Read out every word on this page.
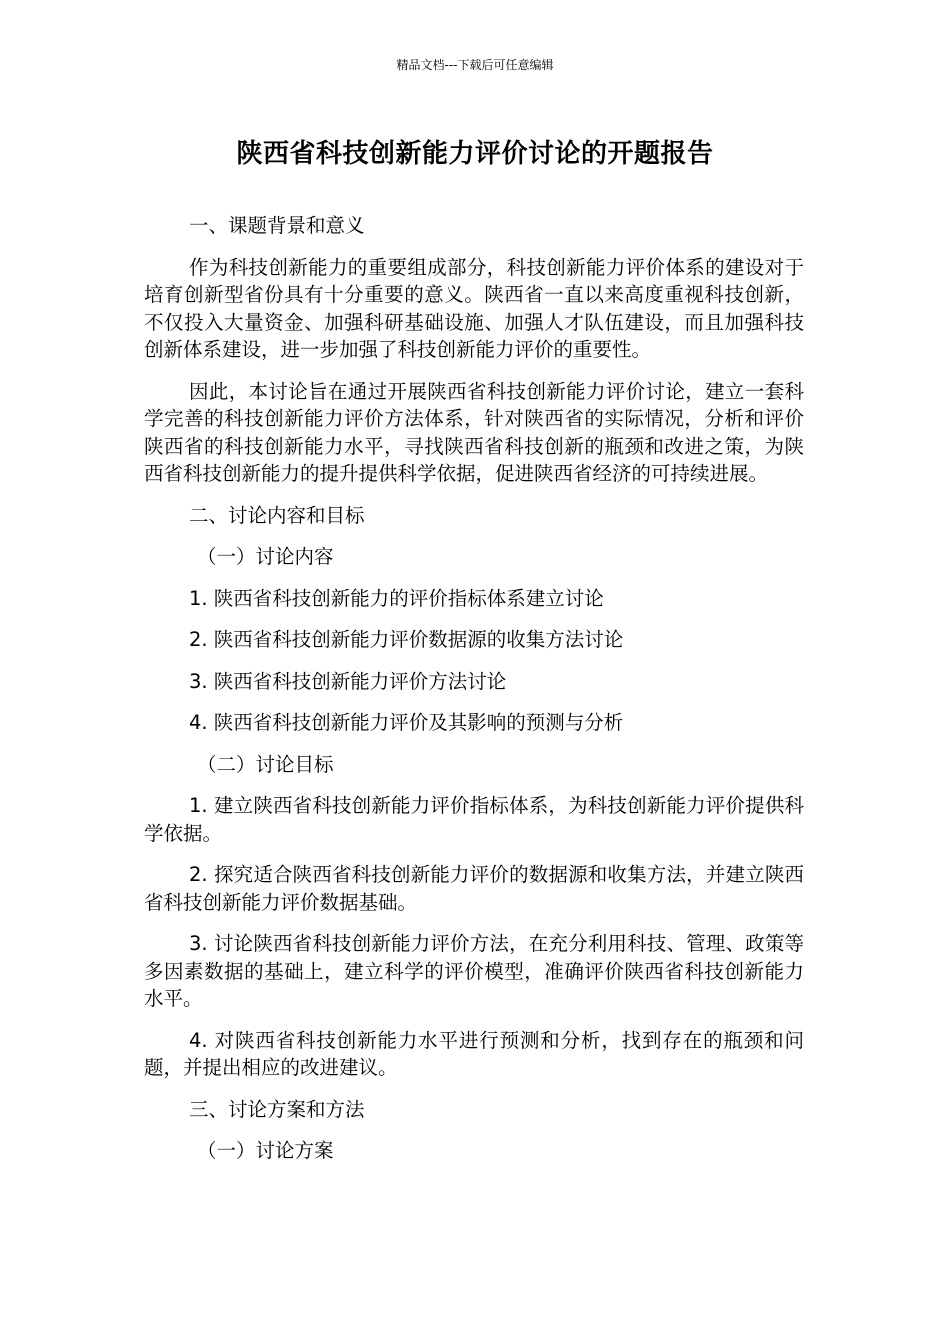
精品文档---下载后可任意编辑
陕西省科技创新能力评价讨论的开题报告

一、课题背景和意义

作为科技创新能力的重要组成部分，科技创新能力评价体系的建设对于培育创新型省份具有十分重要的意义。陕西省一直以来高度重视科技创新，不仅投入大量资金、加强科研基础设施、加强人才队伍建设，而且加强科技创新体系建设，进一步加强了科技创新能力评价的重要性。

因此，本讨论旨在通过开展陕西省科技创新能力评价讨论，建立一套科学完善的科技创新能力评价方法体系，针对陕西省的实际情况，分析和评价陕西省的科技创新能力水平，寻找陕西省科技创新的瓶颈和改进之策，为陕西省科技创新能力的提升提供科学依据，促进陕西省经济的可持续进展。

二、讨论内容和目标

（一）讨论内容

1. 陕西省科技创新能力的评价指标体系建立讨论

2. 陕西省科技创新能力评价数据源的收集方法讨论

3. 陕西省科技创新能力评价方法讨论

4. 陕西省科技创新能力评价及其影响的预测与分析

（二）讨论目标

1. 建立陕西省科技创新能力评价指标体系，为科技创新能力评价提供科学依据。

2. 探究适合陕西省科技创新能力评价的数据源和收集方法，并建立陕西省科技创新能力评价数据基础。

3. 讨论陕西省科技创新能力评价方法，在充分利用科技、管理、政策等多因素数据的基础上，建立科学的评价模型，准确评价陕西省科技创新能力水平。

4. 对陕西省科技创新能力水平进行预测和分析，找到存在的瓶颈和问题，并提出相应的改进建议。

三、讨论方案和方法

（一）讨论方案
